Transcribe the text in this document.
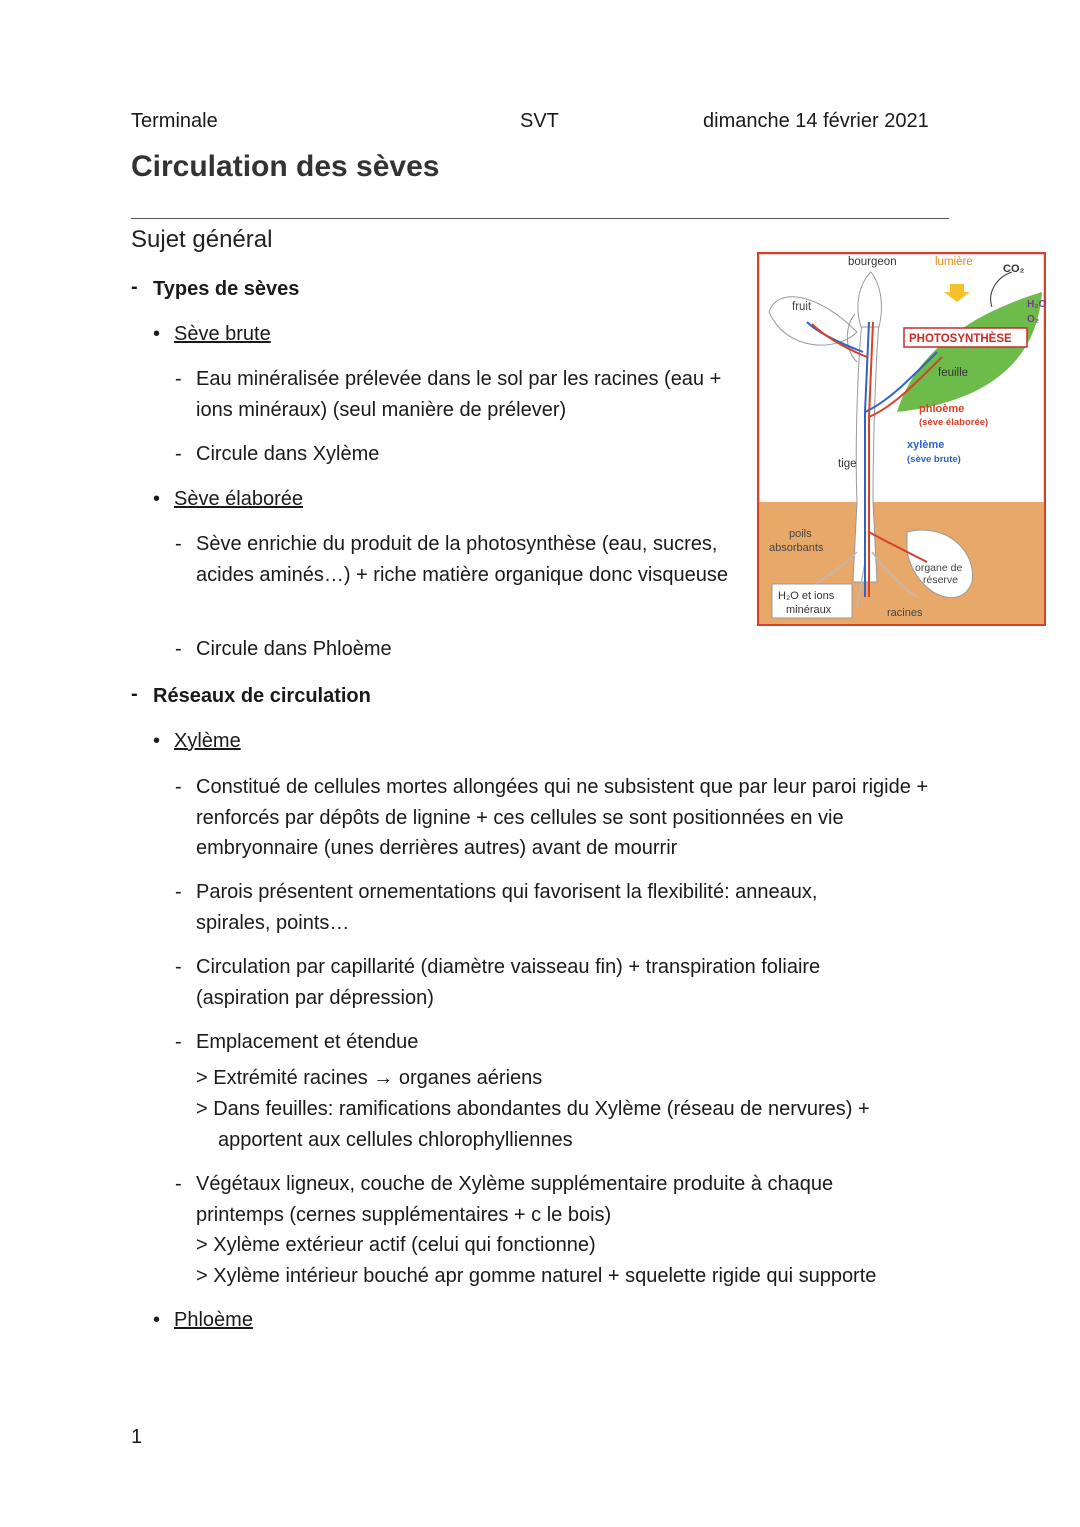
Terminale	SVT	dimanche 14 février 2021
Circulation des sèves
Sujet général
- Types de sèves
• Sève brute
- Eau minéralisée prélevée dans le sol par les racines (eau + ions minéraux) (seul manière de prélever)
- Circule dans Xylème
• Sève élaborée
- Sève enrichie du produit de la photosynthèse (eau, sucres, acides aminés…) + riche matière organique donc visqueuse
- Circule dans Phloème
- Réseaux de circulation
• Xylème
- Constitué de cellules mortes allongées qui ne subsistent que par leur paroi rigide + renforcés par dépôts de lignine + ces cellules se sont positionnées en vie embryonnaire (unes derrières autres) avant de mourrir
- Parois présentent ornementations qui favorisent la flexibilité: anneaux, spirales, points…
- Circulation par capillarité (diamètre vaisseau fin) + transpiration foliaire (aspiration par dépression)
- Emplacement et étendue
> Extrémité racines → organes aériens
> Dans feuilles: ramifications abondantes du Xylème (réseau de nervures) + apportent aux cellules chlorophylliennes
- Végétaux ligneux, couche de Xylème supplémentaire produite à chaque printemps (cernes supplémentaires + c le bois)
> Xylème extérieur actif (celui qui fonctionne)
> Xylème intérieur bouché apr gomme naturel + squelette rigide qui supporte
• Phloème
1
bourgeon	lumière
CO₂
H₂O
O₂
fruit
PHOTOSYNTHÈSE
feuille
phloème
(sève élaborée)
xylème
(sève brute)
tige
poils
absorbants
organe de
réserve
H₂O et ions
minéraux	racines
